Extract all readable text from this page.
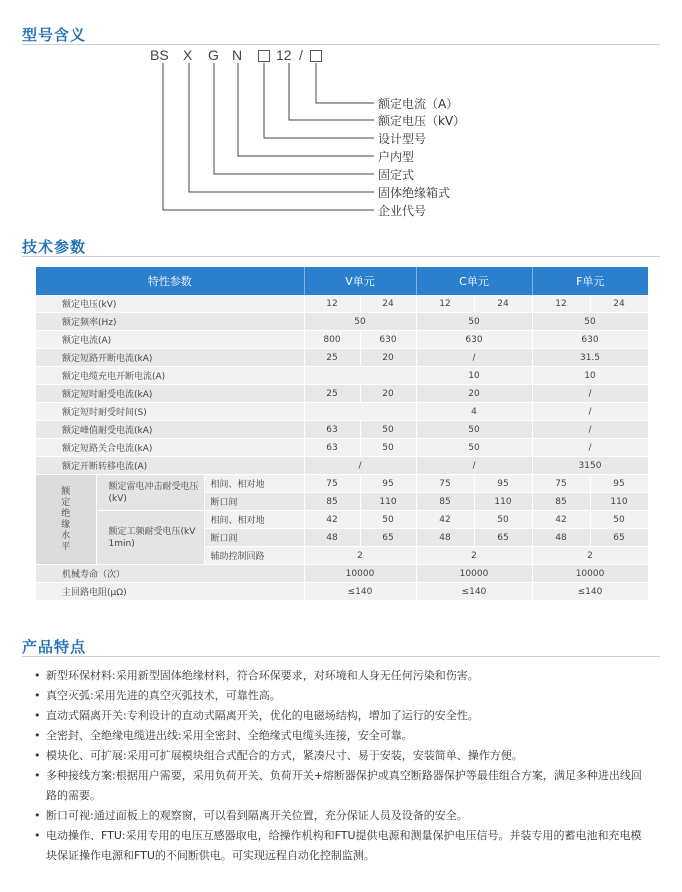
型号含义
BS X G N 12 /
额定电流（A）
额定电压（kV）
设计型号
户内型
固定式
固体绝缘箱式
企业代号
技术参数
特性参数			V单元		C单元		F单元	
额定电压(kV)			12	24	12	24	12	24
额定频率(Hz)			50		50		50	
额定电流(A)			800	630	630		630	
额定短路开断电流(kA)			25	20	/		31.5	
额定电缆充电开断电流(A)					10		10	
额定短时耐受电流(kA)			25	20	20		/	
额定短时耐受时间(S)					4		/	
额定峰值耐受电流(kA)			63	50	50		/	
额定短路关合电流(kA)			63	50	50		/	
额定开断转移电流(A)			/		/		3150	
额定绝缘水平	额定雷电冲击耐受电压(kV)	相间、相对地	75	95	75	95	75	95
		断口间	85	110	85	110	85	110
	额定工频耐受电压(kV 1min)	相间、相对地	42	50	42	50	42	50
		断口间	48	65	48	65	48	65
		辅助控制回路	2		2		2	
机械寿命（次）			10000		10000		10000	
主回路电阻(μΩ)			≤140		≤140		≤140	
产品特点
• 新型环保材料:采用新型固体绝缘材料，符合环保要求，对环境和人身无任何污染和伤害。
• 真空灭弧:采用先进的真空灭弧技术，可靠性高。
• 直动式隔离开关:专利设计的直动式隔离开关，优化的电磁场结构，增加了运行的安全性。
• 全密封、全绝缘电缆进出线:采用全密封、全绝缘式电缆头连接，安全可靠。
• 模块化、可扩展:采用可扩展模块组合式配合的方式，紧凑尺寸、易于安装，安装简单、操作方便。
• 多种接线方案:根据用户需要，采用负荷开关、负荷开关+熔断器保护或真空断路器保护等最佳组合方案，满足多种进出线回路的需要。
• 断口可视:通过面板上的观察窗，可以看到隔离开关位置，充分保证人员及设备的安全。
• 电动操作、FTU:采用专用的电压互感器取电，给操作机构和FTU提供电源和测量保护电压信号。并装专用的蓄电池和充电模块保证操作电源和FTU的不间断供电。可实现远程自动化控制监测。
